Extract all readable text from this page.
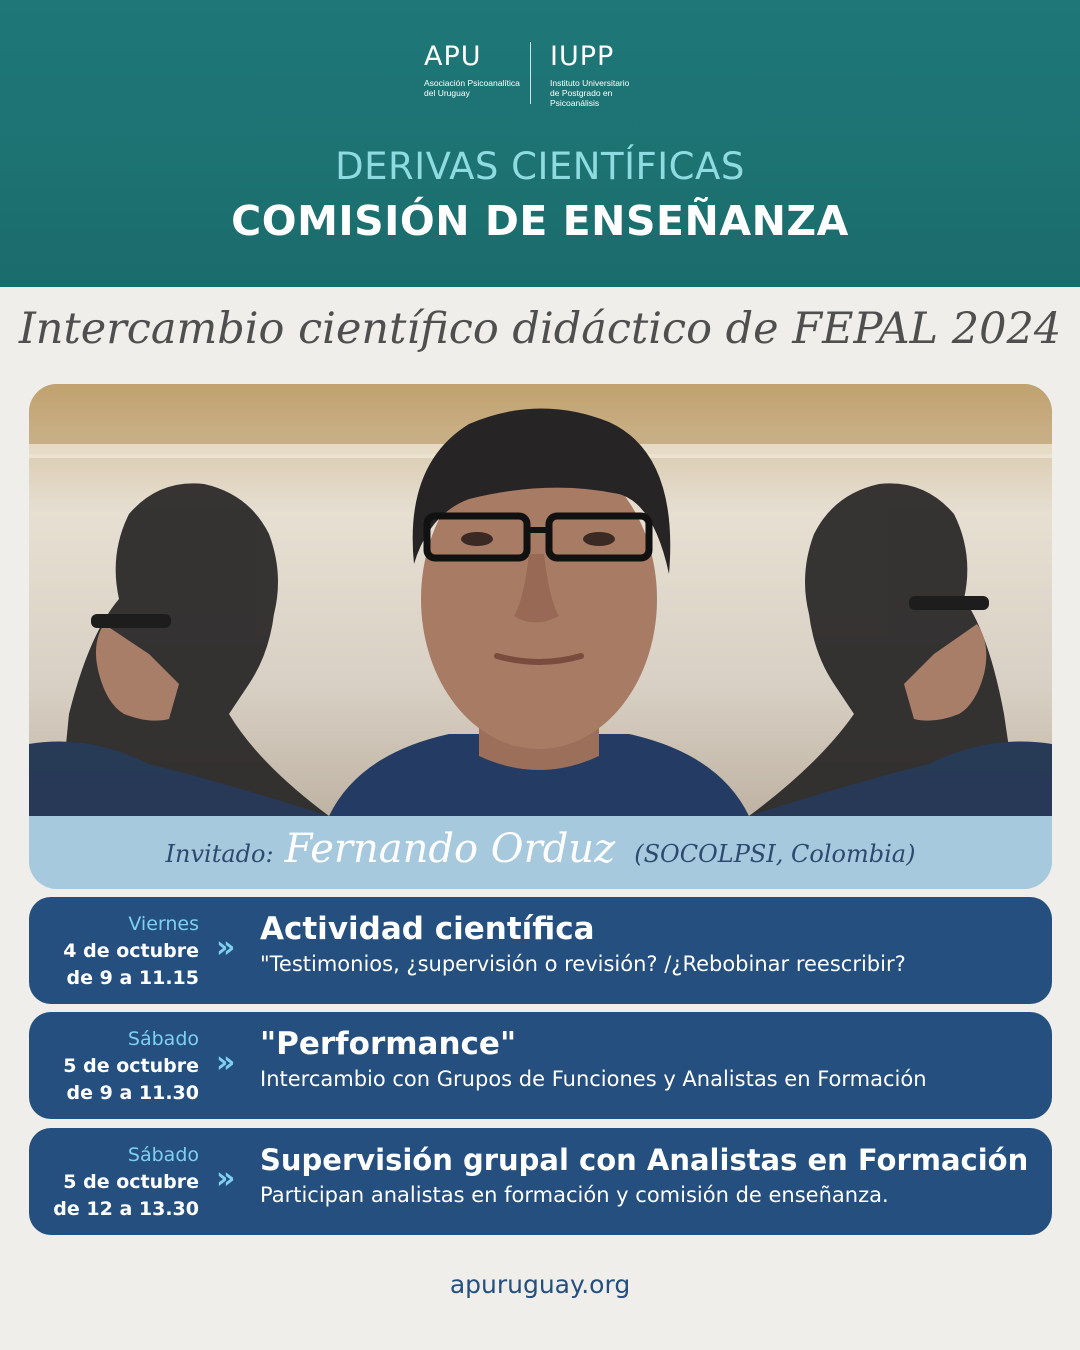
APU
Asociación Psicoanalítica
del Uruguay
IUPP
Instituto Universitario
de Postgrado en Psicoanálisis
DERIVAS CIENTÍFICAS
COMISIÓN DE ENSEÑANZA
Intercambio científico didáctico de FEPAL 2024
Invitado: Fernando Orduz (SOCOLPSI, Colombia)
Viernes
4 de octubre
de 9 a 11.15
»
Actividad científica
"Testimonios, ¿supervisión o revisión? /¿Rebobinar reescribir?
Sábado
5 de octubre
de 9 a 11.30
»
"Performance"
Intercambio con Grupos de Funciones y Analistas en Formación
Sábado
5 de octubre
de 12 a 13.30
»
Supervisión grupal con Analistas en Formación
Participan analistas en formación y comisión de enseñanza.
apuruguay.org
